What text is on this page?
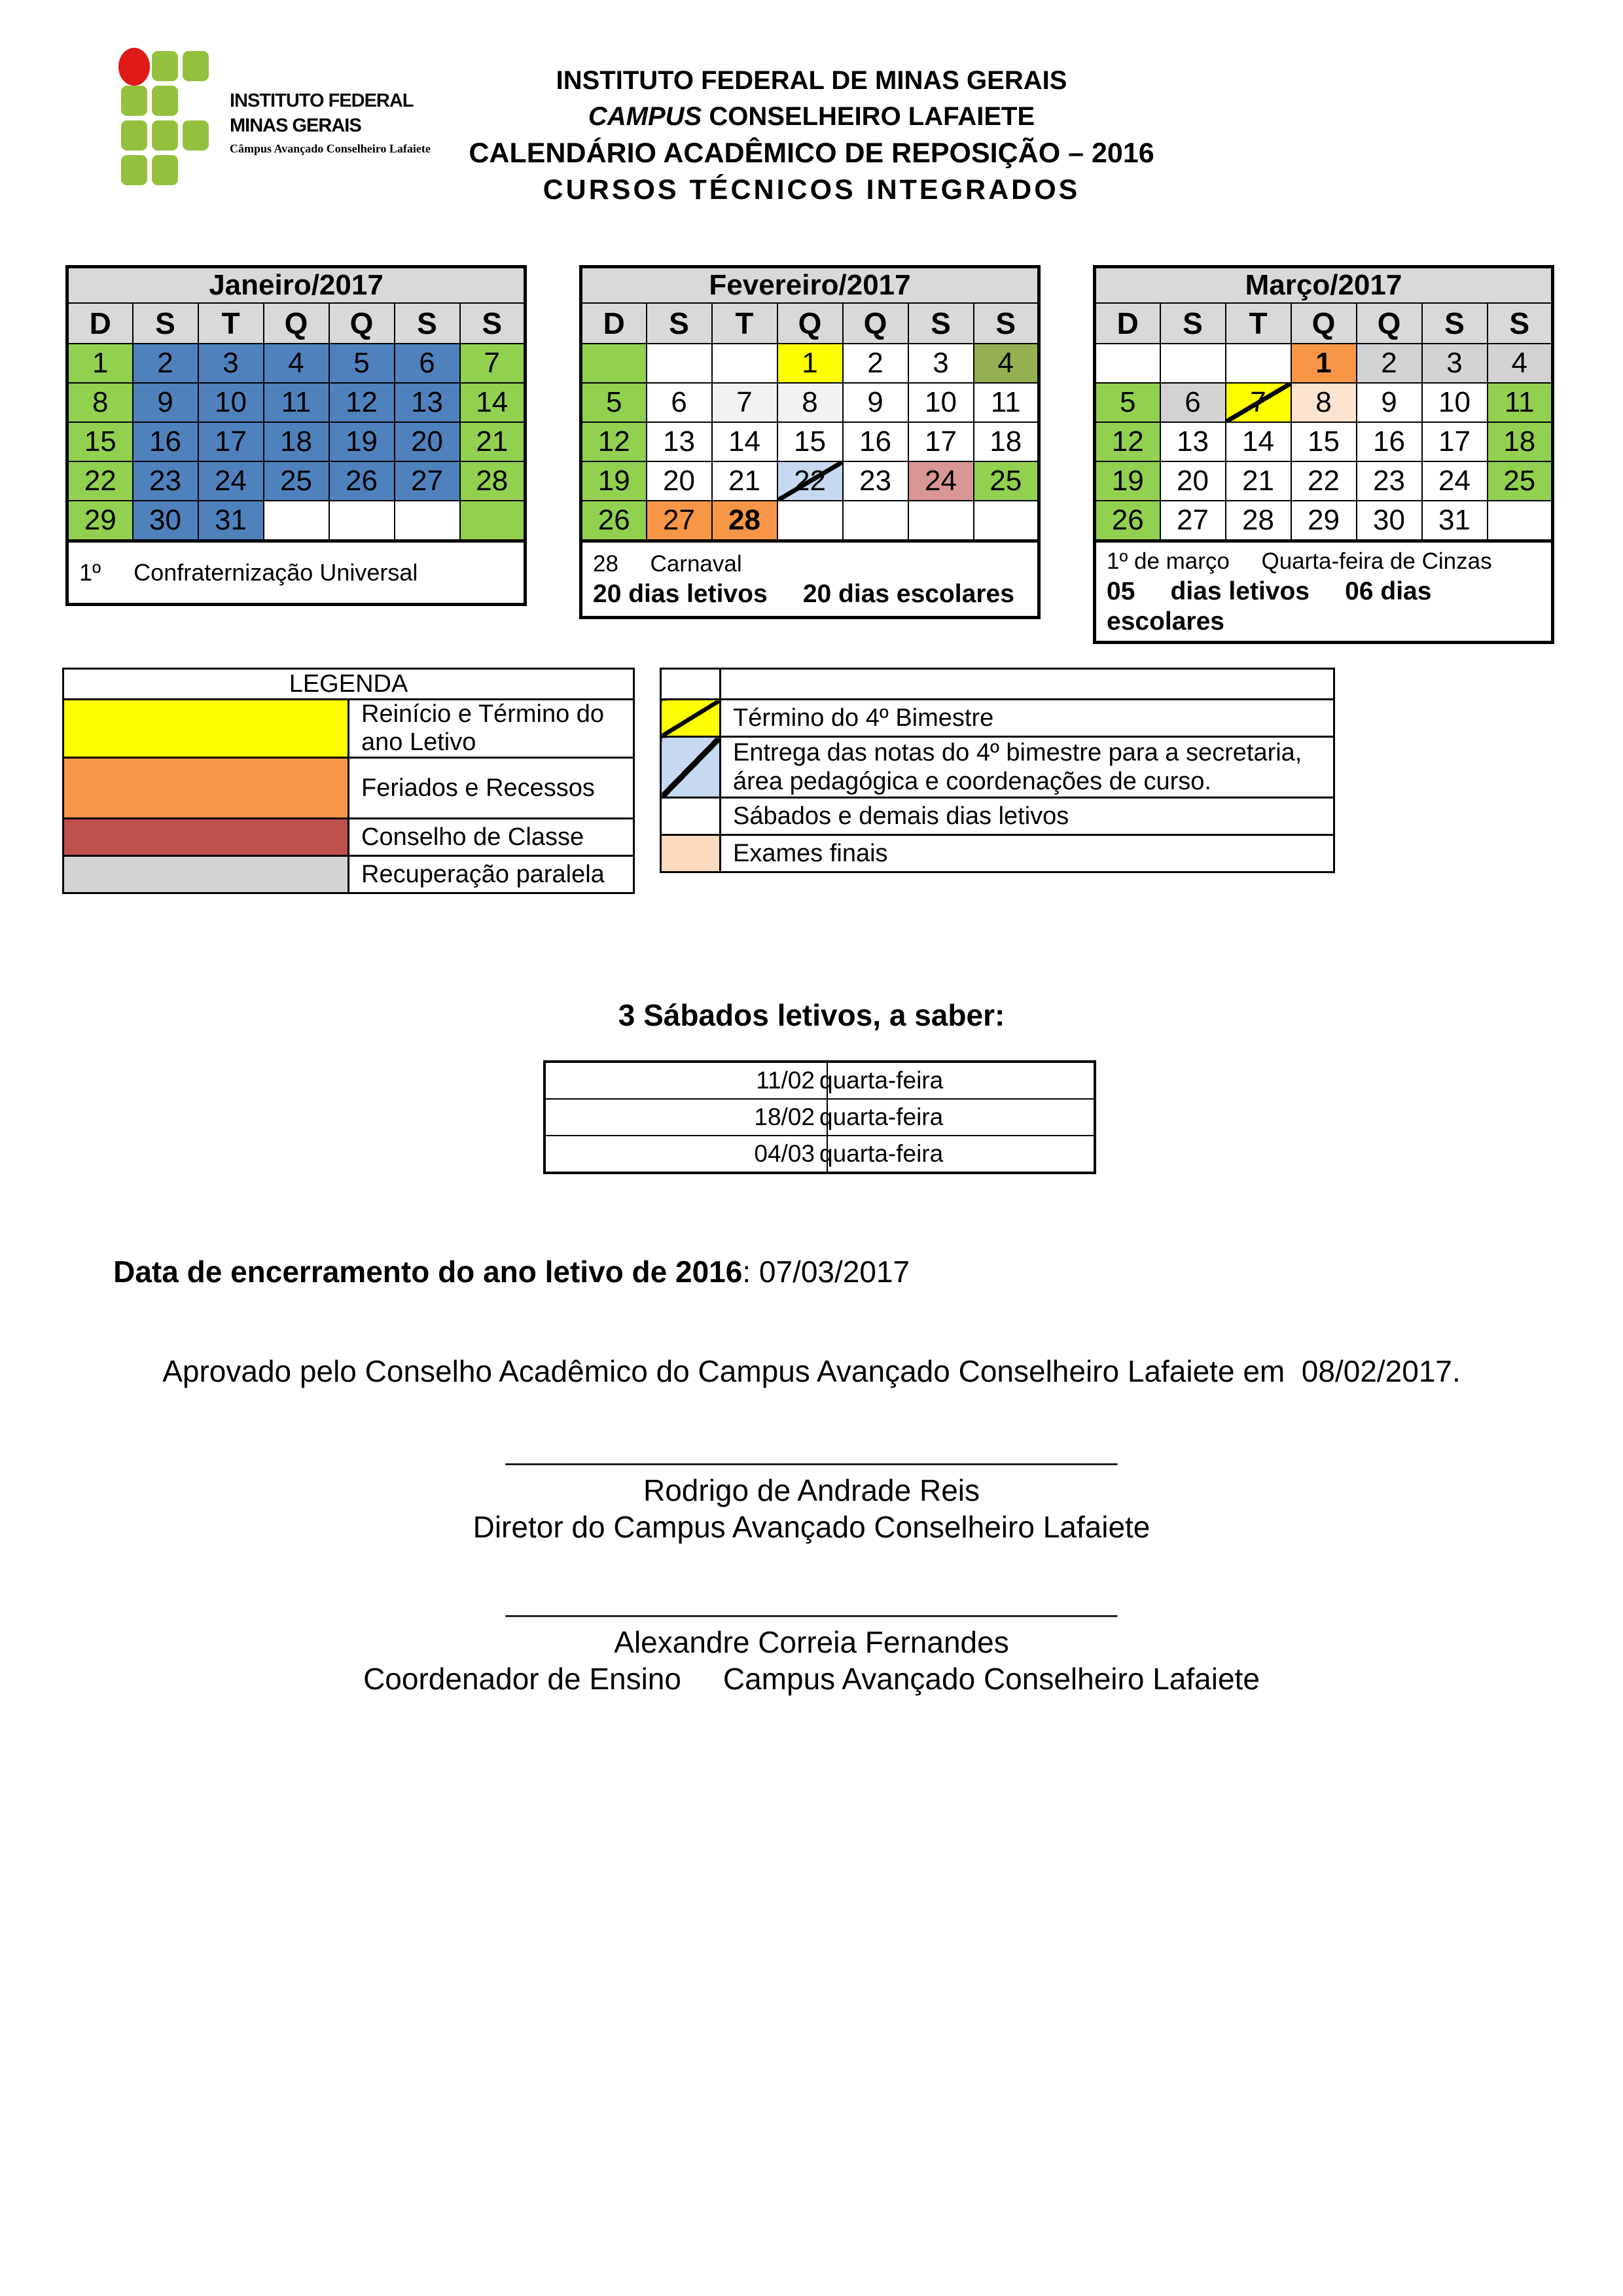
INSTITUTO FEDERAL
MINAS GERAIS
Câmpus Avançado Conselheiro Lafaiete
INSTITUTO FEDERAL DE MINAS GERAIS
CAMPUS CONSELHEIRO LAFAIETE
CALENDÁRIO ACADÊMICO DE REPOSIÇÃO – 2016
CURSOS TÉCNICOS INTEGRADOS
Janeiro/2017						
D	S	T	Q	Q	S	S
1	2	3	4	5	6	7
8	9	10	11	12	13	14
15	16	17	18	19	20	21
22	23	24	25	26	27	28
29	30	31				

1º     Confraternização Universal						
Fevereiro/2017						
D	S	T	Q	Q	S	S
			1	2	3	4
5	6	7	8	9	10	11
12	13	14	15	16	17	18
19	20	21	22	23	24	25
26	27	28				

28     Carnaval
20 dias letivos     20 dias escolares						
Março/2017						
D	S	T	Q	Q	S	S
			1	2	3	4
5	6	7	8	9	10	11
12	13	14	15	16	17	18
19	20	21	22	23	24	25
26	27	28	29	30	31	

1º de março     Quarta-feira de Cinzas
05     dias letivos     06 dias escolares						
LEGENDA	
	Reinício e Término do ano Letivo
	Feriados e Recessos
	Conselho de Classe
	Recuperação paralela

	Término do 4º Bimestre
	Entrega das notas do 4º bimestre para a secretaria, área pedagógica e coordenações de curso.
	Sábados e demais dias letivos
	Exames finais
3 Sábados letivos, a saber:
11/02	quarta-feira
18/02	quarta-feira
04/03	quarta-feira

Data de encerramento do ano letivo de 2016: 07/03/2017

Aprovado pelo Conselho Acadêmico do Campus Avançado Conselheiro Lafaiete em  08/02/2017.
________________________________________
Rodrigo de Andrade Reis
Diretor do Campus Avançado Conselheiro Lafaiete
________________________________________
Alexandre Correia Fernandes
Coordenador de Ensino     Campus Avançado Conselheiro Lafaiete
